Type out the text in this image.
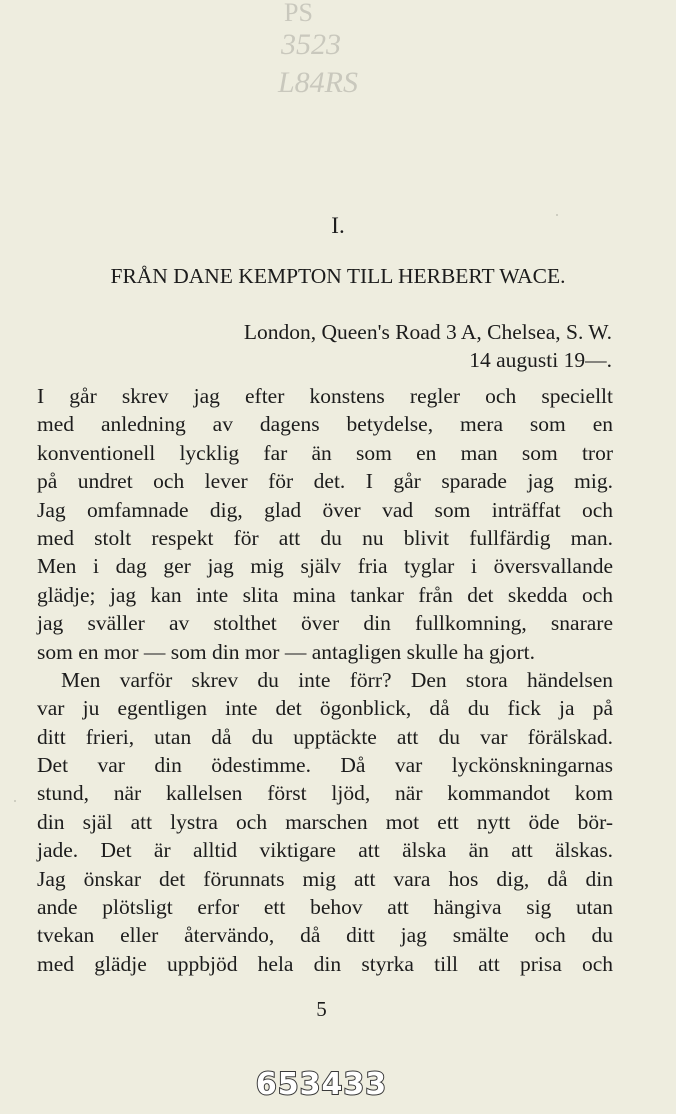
PS
3523
L84RS
I.
FRÅN DANE KEMPTON TILL HERBERT WACE.
London, Queen's Road 3 A, Chelsea, S. W.
14 augusti 19—.
I går skrev jag efter konstens regler och speciellt
med anledning av dagens betydelse, mera som en
konventionell lycklig far än som en man som tror
på undret och lever för det. I går sparade jag mig.
Jag omfamnade dig, glad över vad som inträffat och
med stolt respekt för att du nu blivit fullfärdig man.
Men i dag ger jag mig själv fria tyglar i översvallande
glädje; jag kan inte slita mina tankar från det skedda och
jag sväller av stolthet över din fullkomning, snarare
som en mor — som din mor — antagligen skulle ha gjort.
Men varför skrev du inte förr? Den stora händelsen
var ju egentligen inte det ögonblick, då du fick ja på
ditt frieri, utan då du upptäckte att du var förälskad.
Det var din ödestimme. Då var lyckönskningarnas
stund, när kallelsen först ljöd, när kommandot kom
din själ att lystra och marschen mot ett nytt öde bör-
jade. Det är alltid viktigare att älska än att älskas.
Jag önskar det förunnats mig att vara hos dig, då din
ande plötsligt erfor ett behov att hängiva sig utan
tvekan eller återvändo, då ditt jag smälte och du
med glädje uppbjöd hela din styrka till att prisa och
5
653433
